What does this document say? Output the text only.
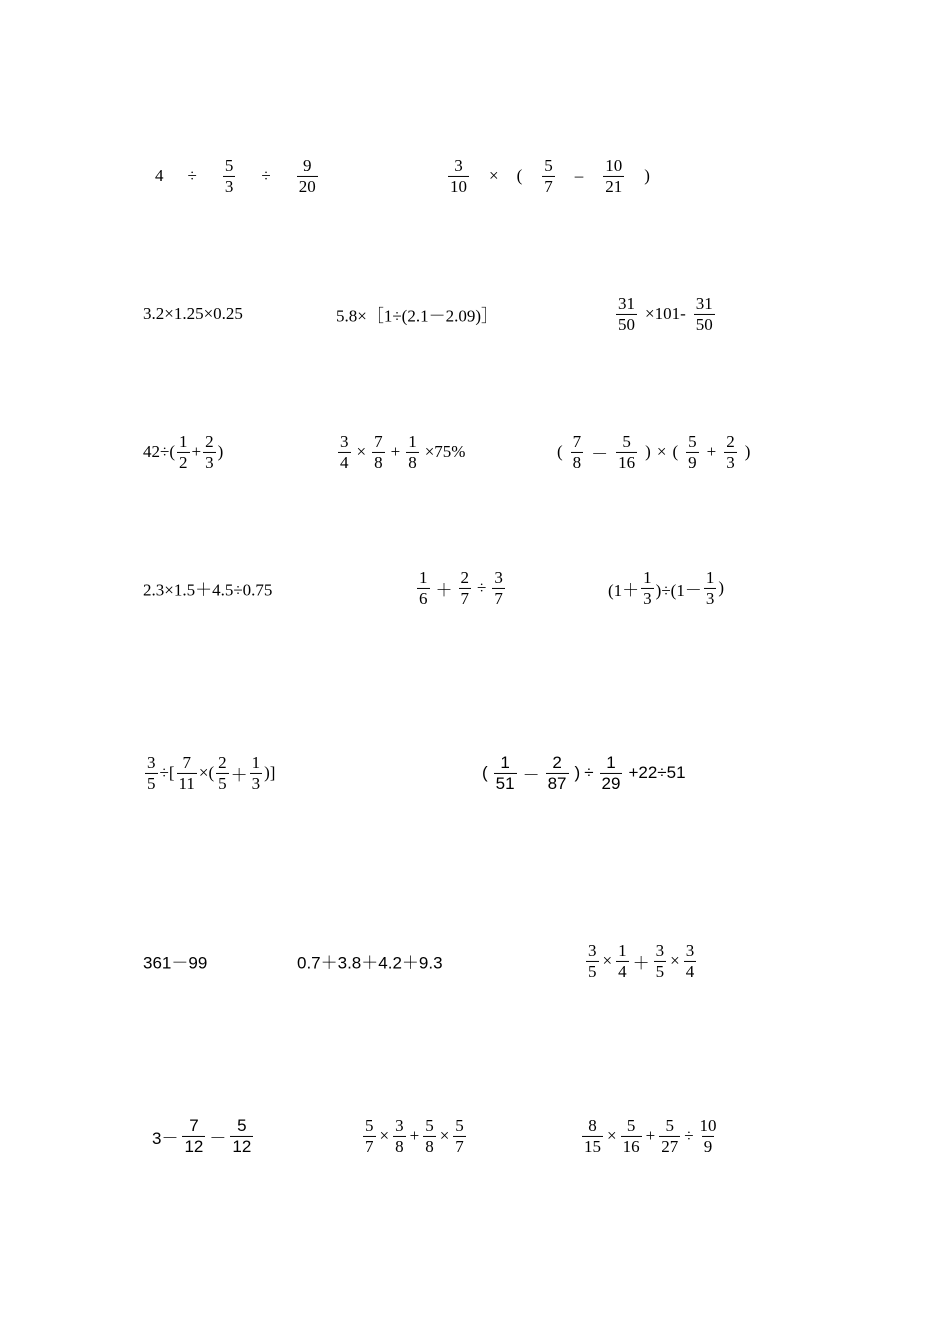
$4 \div \frac{5}{3} \div \frac{9}{20}$	$\frac{3}{10}$ × ( $\frac{5}{7} - \frac{10}{21}$ )
3.2×1.25×0.25	5.8×［1÷(2.1－2.09)］	$\frac{31}{50} \times 101- \frac{31}{50}$
$42\div( \frac{1}{2} + \frac{2}{3}$ )	$\frac{3}{4} \times \frac{7}{8} + \frac{1}{8} \times 75\%$	( $\frac{7}{8} - \frac{5}{16}$ ) × ( $\frac{5}{9} + \frac{2}{3}$ )
2.3×1.5＋4.5÷0.75	$\frac{1}{6} + \frac{2}{7} \div \frac{3}{7}$	$(1+ \frac{1}{3} )\div(1- \frac{1}{3}$ )
$\frac{3}{5}$ ÷[ $\frac{7}{11}$ ×( $\frac{2}{5} + \frac{1}{3}$ )]	( $\frac{1}{51} - \frac{2}{87}$ ) ÷ $\frac{1}{29} +22\div 51$
361－99	0.7＋3.8＋4.2＋9.3	$\frac{3}{5} \times \frac{1}{4} + \frac{3}{5} \times \frac{3}{4}$
$3- \frac{7}{12} - \frac{5}{12}$	$\frac{5}{7} \times \frac{3}{8} + \frac{5}{8} \times \frac{5}{7}$	$\frac{8}{15} \times \frac{5}{16} + \frac{5}{27} \div \frac{10}{9}$
